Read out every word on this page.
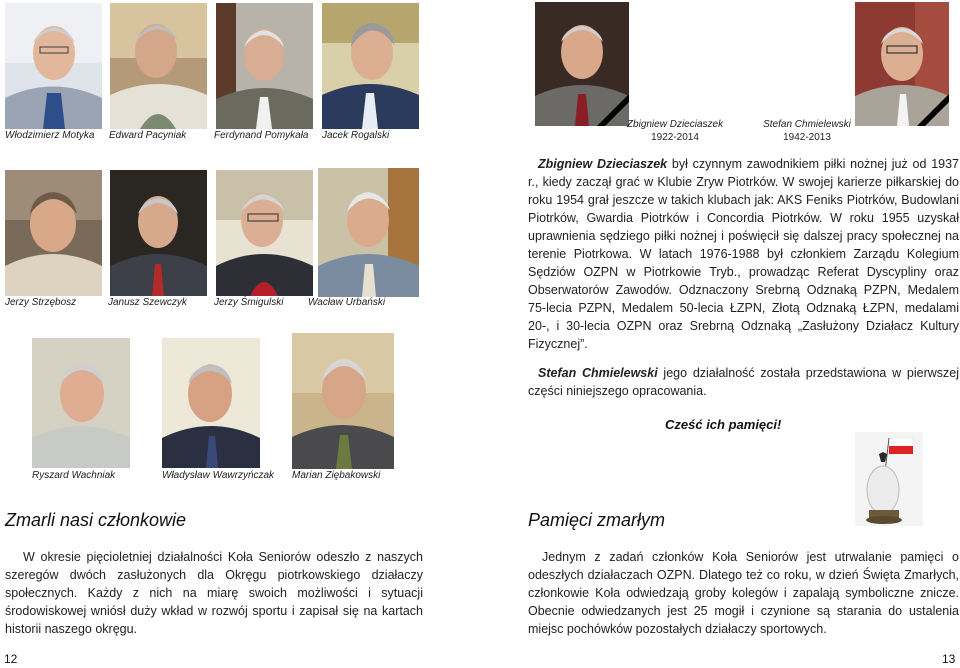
Włodzimierz Motyka Edward Pacyniak	Ferdynand Pomykała Jacek Rogalski
Jerzy Strzębosz	Janusz Szewczyk	Jerzy Śmigulski Wacław Urbański
Ryszard Wachniak	Władysław Wawrzyńczak Marian Ziębakowski
Zmarli nasi członkowie
W okresie pięcioletniej działalności Koła Seniorów odeszło z naszych szeregów dwóch zasłużonych dla Okręgu piotrkowskiego działaczy społecznych. Każdy z nich na miarę swoich możliwości i sytuacji środowiskowej wniósł duży wkład w rozwój sportu i zapisał się na kartach historii naszego okręgu.
12
Zbigniew Dzieciaszek
1922-2014
Stefan Chmielewski
1942-2013
Zbigniew Dzieciaszek był czynnym zawodnikiem piłki nożnej już od 1937 r., kiedy zaczął grać w Klubie Zryw Piotrków. W swojej karierze piłkarskiej do roku 1954 grał jeszcze w takich klubach jak: AKS Feniks Piotrków, Budowlani Piotrków, Gwardia Piotrków i Concordia Piotrków. W roku 1955 uzyskał uprawnienia sędziego piłki nożnej i poświęcił się dalszej pracy społecznej na terenie Piotrkowa. W latach 1976-1988 był członkiem Zarządu Kolegium Sędziów OZPN w Piotrkowie Tryb., prowadząc Referat Dyscypliny oraz Obserwatorów Zawodów. Odznaczony Srebrną Odznaką PZPN, Medalem 75-lecia PZPN, Medalem 50-lecia ŁZPN, Złotą Odznaką ŁZPN, medalami 20-, i 30-lecia OZPN oraz Srebrną Odznaką „Zasłużony Działacz Kultury Fizycznej”.
Stefan Chmielewski jego działalność została przedstawiona w pierwszej części niniejszego opracowania.
Cześć ich pamięci!
Pamięci zmarłym
Jednym z zadań członków Koła Seniorów jest utrwalanie pamięci o odeszłych działaczach OZPN. Dlatego też co roku, w dzień Święta Zmarłych, członkowie Koła odwiedzają groby kolegów i zapalają symboliczne znicze. Obecnie odwiedzanych jest 25 mogił i czynione są starania do ustalenia miejsc pochówków pozostałych działaczy sportowych.
13
